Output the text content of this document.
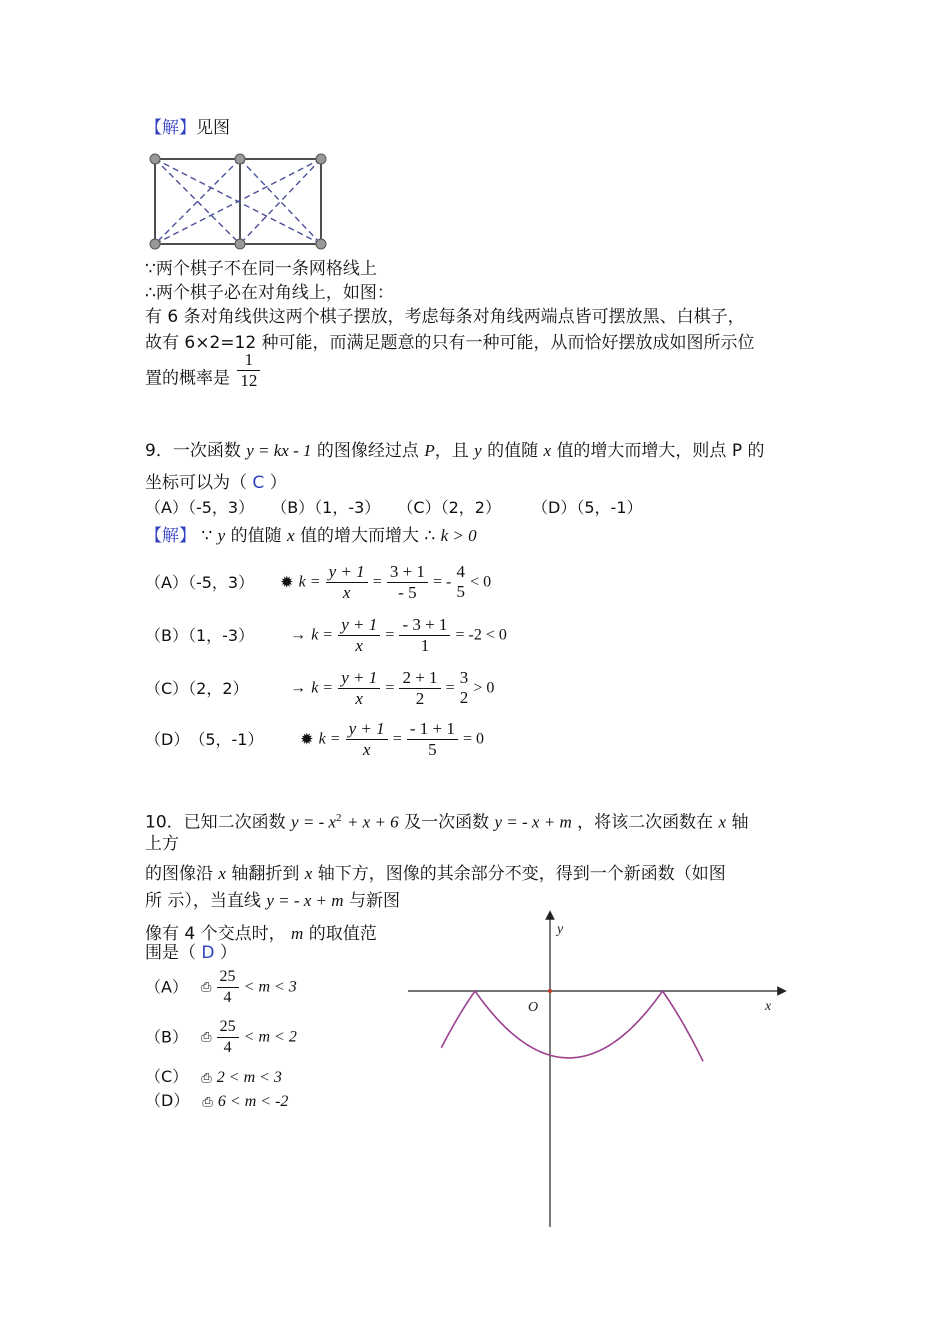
【解】见图
∵两个棋子不在同一条网格线上
∴两个棋子必在对角线上，如图：
有 6 条对角线供这两个棋子摆放，考虑每条对角线两端点皆可摆放黑、白棋子，
故有 6×2=12 种可能，而满足题意的只有一种可能，从而恰好摆放成如图所示位
置的概率是 $\frac{1}{12}$
9．一次函数 y = kx - 1 的图像经过点 P，且 y 的值随 x 值的增大而增大，则点 P 的
坐标可以为（ C ）
（A）（-5，3） （B）（1，-3） （C）（2，2） （D）（5，-1）
【解】 ∵ y 的值随 x 值的增大而增大 ∴ k > 0
（A）（-5，3） ✹ $k = \frac{y + 1}{x} = \frac{3 + 1}{- 5}$ = -
4
5 < 0
（B）（1，$-3) \to k = \frac{y + 1}{x} = \frac{- 3 + 1}{1} = -2 < 0$
（C）（2，2）	→ $k = \frac{y + 1}{x} = \frac{2 + 1}{2}$ =
3
2 > 0
（D）　（5，-1） ✹ $k = \frac{y + 1}{x} = \frac{- 1 + 1}{5} = 0$
10．已知二次函数 y = - $x^2 + x + 6$ 及一次函数 y = - x + m ，将该二次函数在 x 轴
上方
的图像沿 x 轴翻折到 x 轴下方，图像的其余部分不变，得到一个新函数（如图
所 示），当直线 y = - x + m 与新图
像有 4 个交点时， m 的取值范
围是（ D ）
（A） ⎙ $\frac{25}{4} < m < 3$
（B） ⎙ $\frac{25}{4} < m < 2$
（C） ⎙ 2 < m < 3
（D） ⎙ 6 < m < -2
O	x
y
